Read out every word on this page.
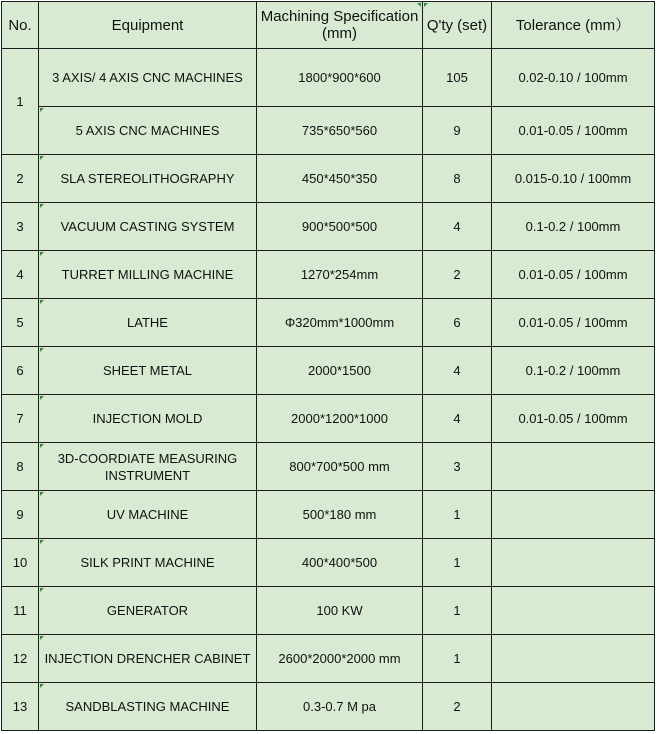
No.	Equipment	Machining Specification (mm)	Q'ty (set)	Tolerance (mm）
1	3 AXIS/ 4 AXIS CNC MACHINES	1800*900*600	105	0.02-0.10 / 100mm
	5 AXIS CNC MACHINES	735*650*560	9	0.01-0.05 / 100mm
2	SLA STEREOLITHOGRAPHY	450*450*350	8	0.015-0.10 / 100mm
3	VACUUM CASTING SYSTEM	900*500*500	4	0.1-0.2 / 100mm
4	TURRET MILLING MACHINE	1270*254mm	2	0.01-0.05 / 100mm
5	LATHE	Φ320mm*1000mm	6	0.01-0.05 / 100mm
6	SHEET METAL	2000*1500	4	0.1-0.2 / 100mm
7	INJECTION MOLD	2000*1200*1000	4	0.01-0.05 / 100mm
8	3D-COORDIATE MEASURING INSTRUMENT	800*700*500 mm	3	
9	UV MACHINE	500*180 mm	1	
10	SILK PRINT MACHINE	400*400*500	1	
11	GENERATOR	100 KW	1	
12	INJECTION DRENCHER CABINET	2600*2000*2000 mm	1	
13	SANDBLASTING MACHINE	0.3-0.7 M pa	2	
